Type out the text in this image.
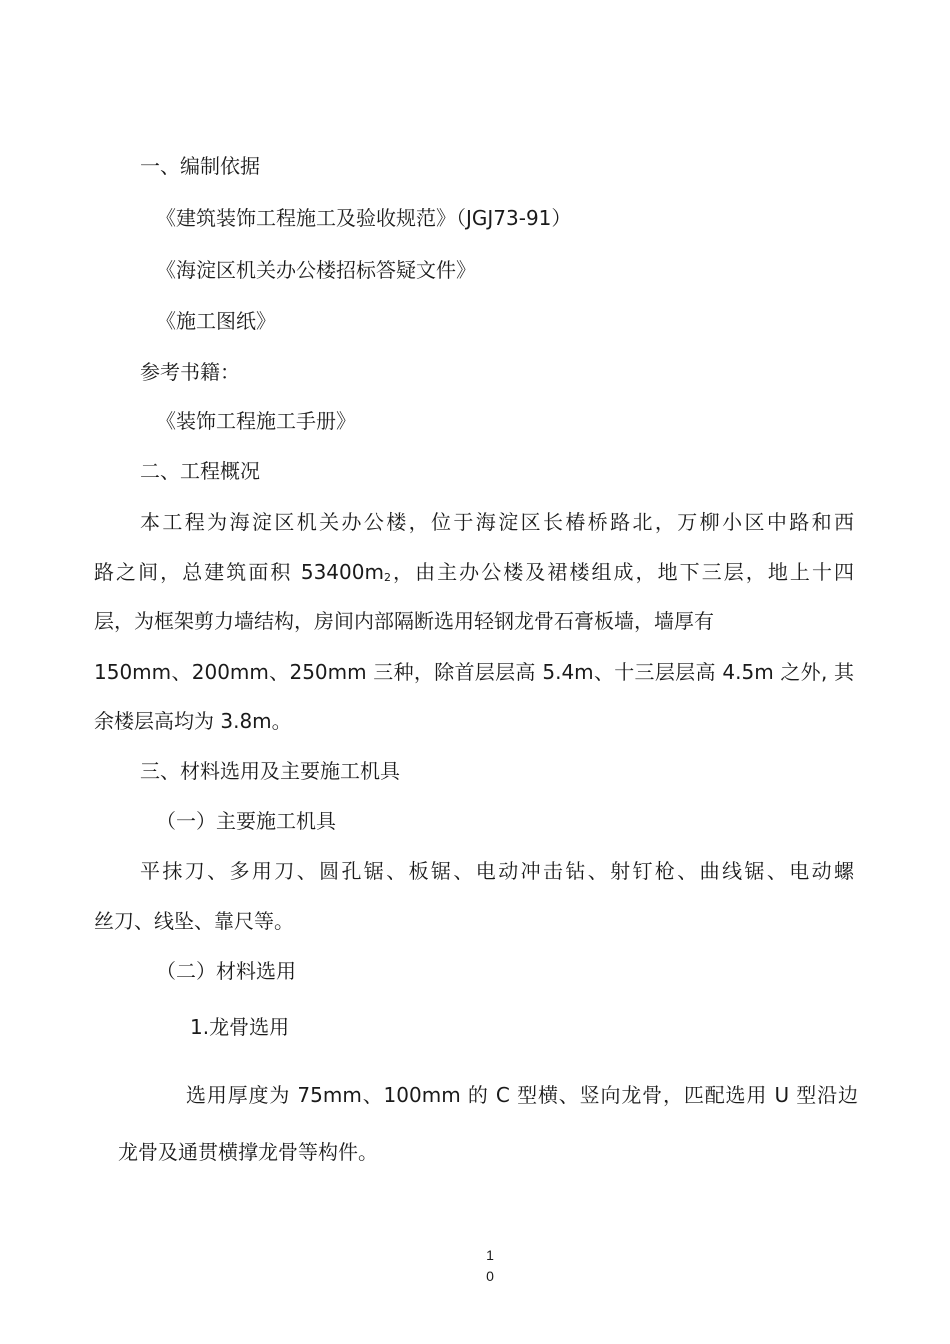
一、编制依据

《建筑装饰工程施工及验收规范》（JGJ73-91）

《海淀区机关办公楼招标答疑文件》

《施工图纸》

参考书籍：

《装饰工程施工手册》

二、工程概况

本工程为海淀区机关办公楼，位于海淀区长椿桥路北，万柳小区中路和西

路之间，总建筑面积 $53400m_2$，由主办公楼及裙楼组成，地下三层，地上十四

层，为框架剪力墙结构，房间内部隔断选用轻钢龙骨石膏板墙，墙厚有

150mm、200mm、250mm 三种，除首层层高 5.4m、十三层层高 4.5m 之外, 其

余楼层高均为 3.8m。

三、材料选用及主要施工机具

（一）主要施工机具

平抹刀、多用刀、圆孔锯、板锯、电动冲击钻、射钉枪、曲线锯、电动螺

丝刀、线坠、靠尺等。

（二）材料选用

1.龙骨选用

选用厚度为 75mm、100mm 的 C 型横、竖向龙骨，匹配选用 U 型沿边

龙骨及通贯横撑龙骨等构件。

1
0
